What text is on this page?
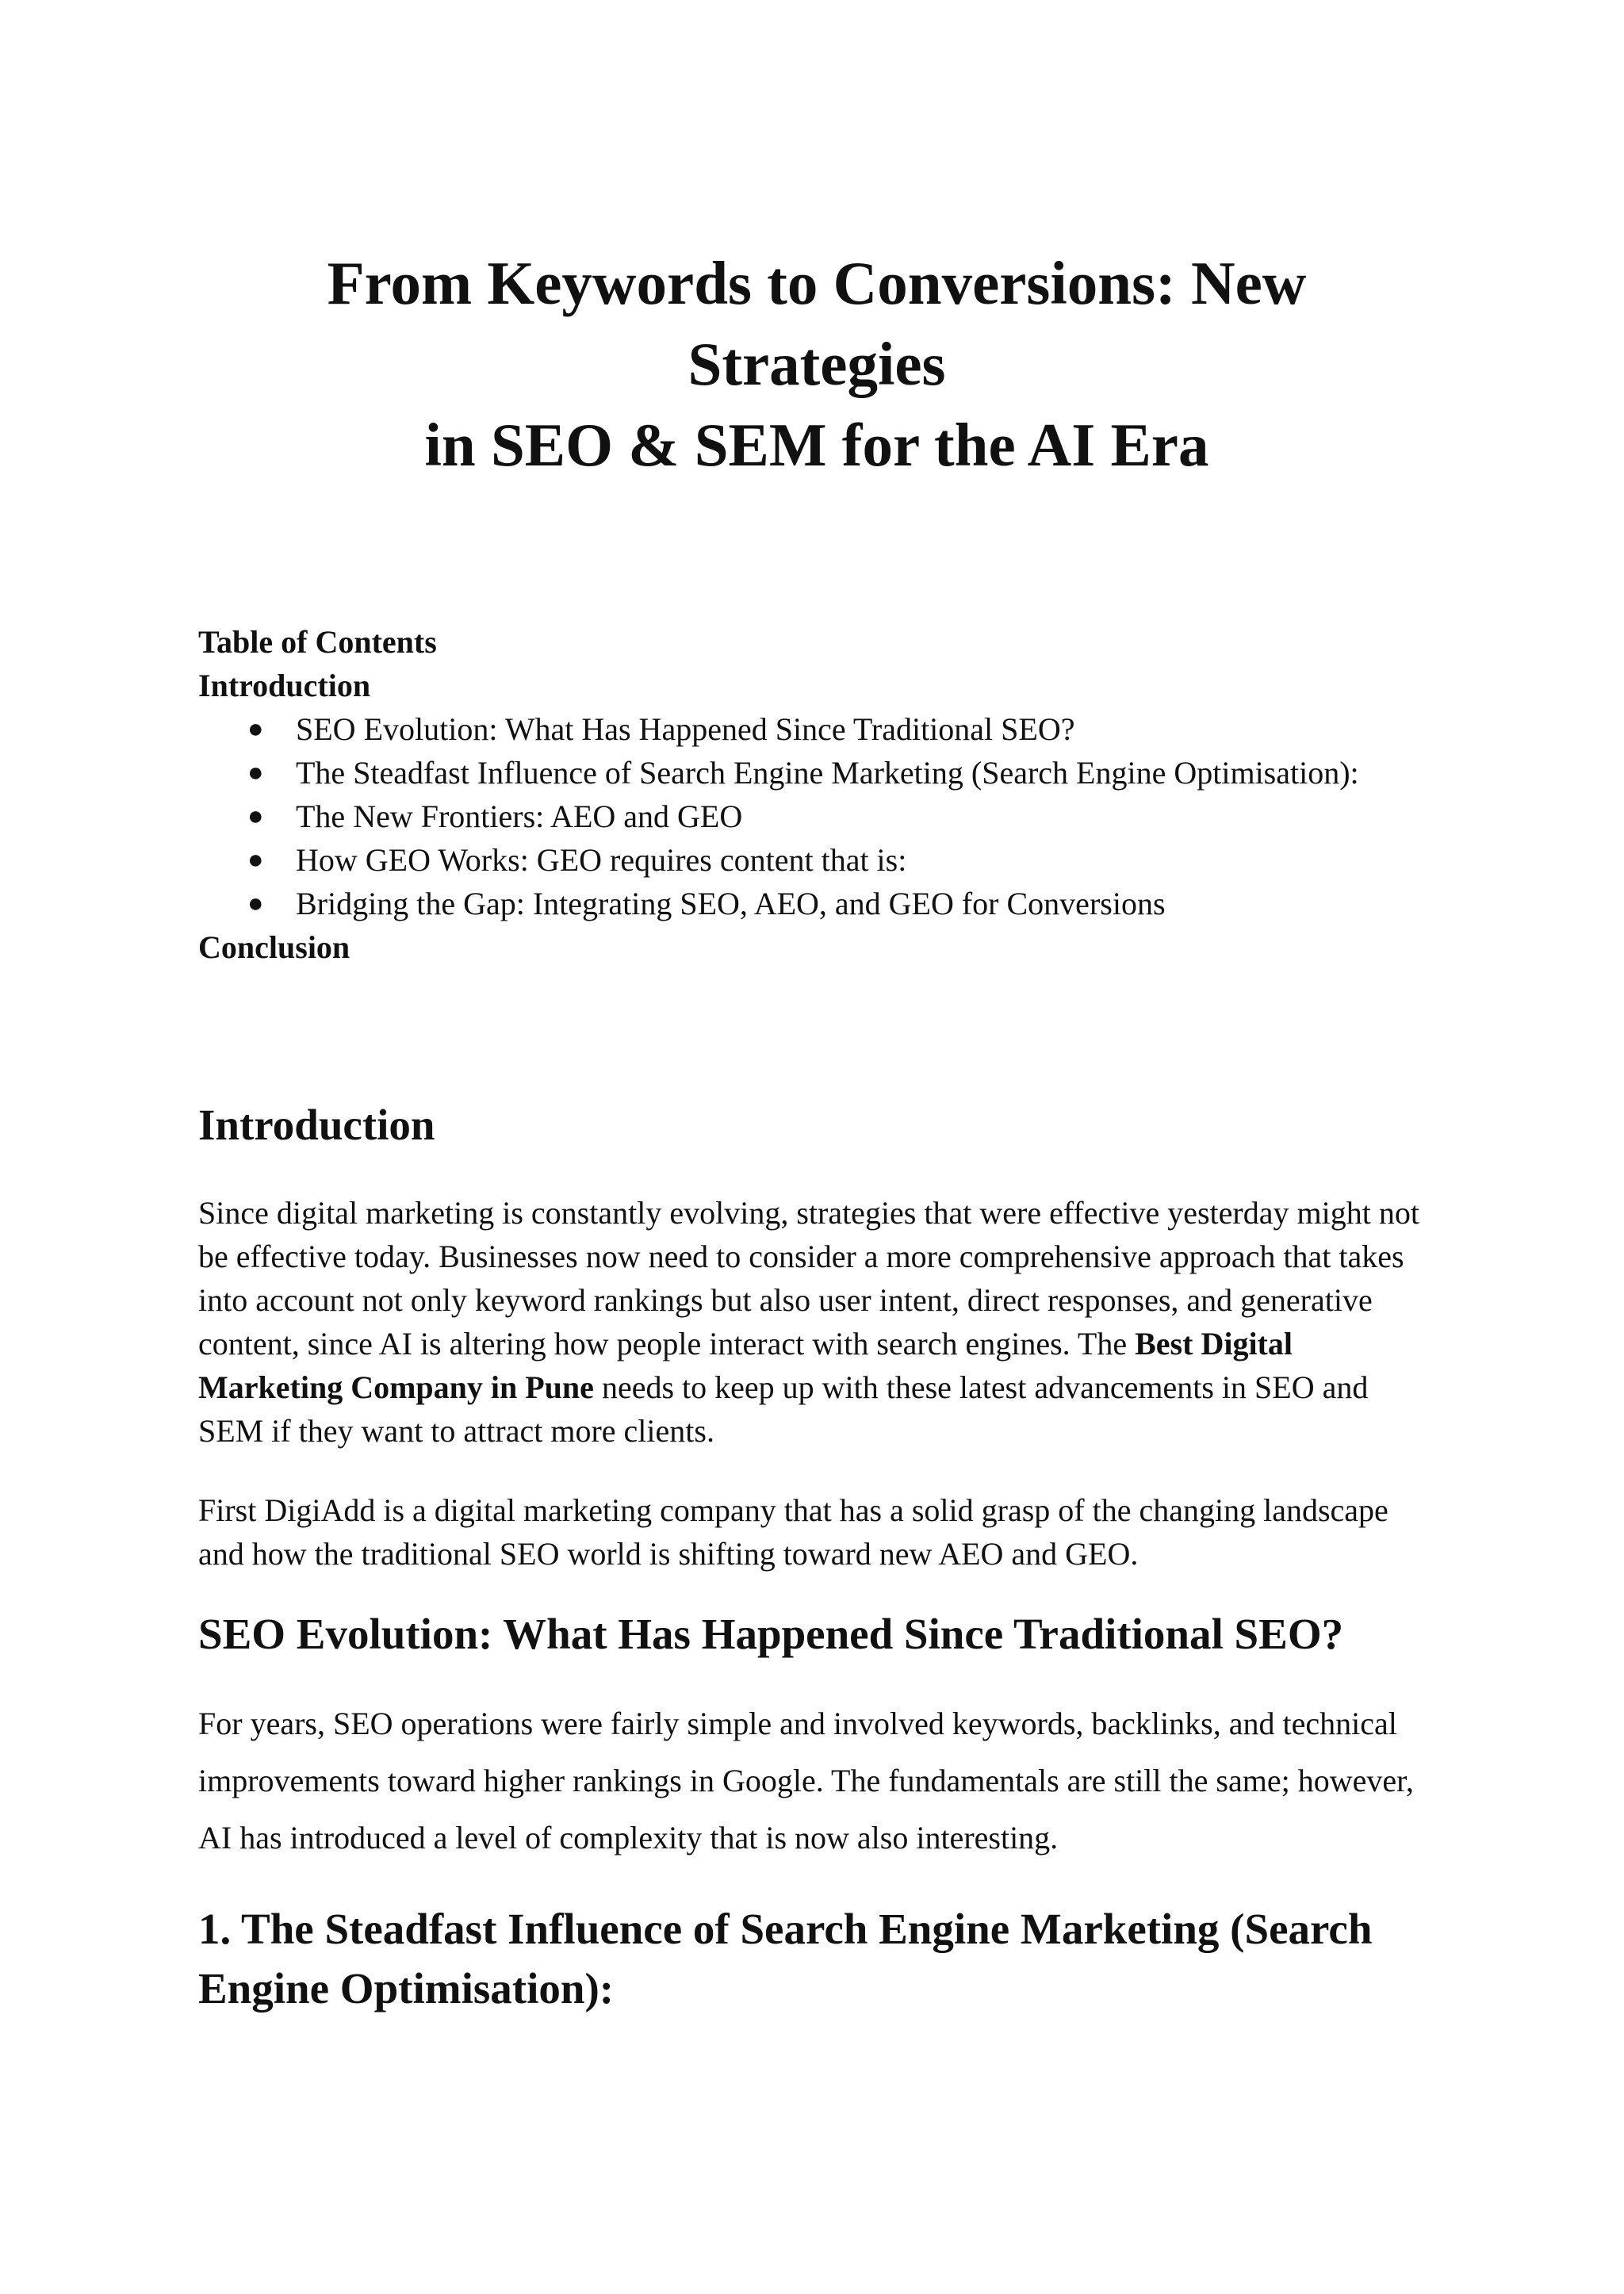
From Keywords to Conversions: New Strategies
in SEO & SEM for the AI Era
Table of Contents
Introduction
● SEO Evolution: What Has Happened Since Traditional SEO?
● The Steadfast Influence of Search Engine Marketing (Search Engine Optimisation):
● The New Frontiers: AEO and GEO
● How GEO Works: GEO requires content that is:
● Bridging the Gap: Integrating SEO, AEO, and GEO for Conversions
Conclusion
Introduction

Since digital marketing is constantly evolving, strategies that were effective yesterday might not be effective today. Businesses now need to consider a more comprehensive approach that takes into account not only keyword rankings but also user intent, direct responses, and generative content, since AI is altering how people interact with search engines. The Best Digital Marketing Company in Pune needs to keep up with these latest advancements in SEO and SEM if they want to attract more clients.

First DigiAdd is a digital marketing company that has a solid grasp of the changing landscape and how the traditional SEO world is shifting toward new AEO and GEO.

SEO Evolution: What Has Happened Since Traditional SEO?

For years, SEO operations were fairly simple and involved keywords, backlinks, and technical improvements toward higher rankings in Google. The fundamentals are still the same; however, AI has introduced a level of complexity that is now also interesting.

1. The Steadfast Influence of Search Engine Marketing (Search Engine Optimisation):
